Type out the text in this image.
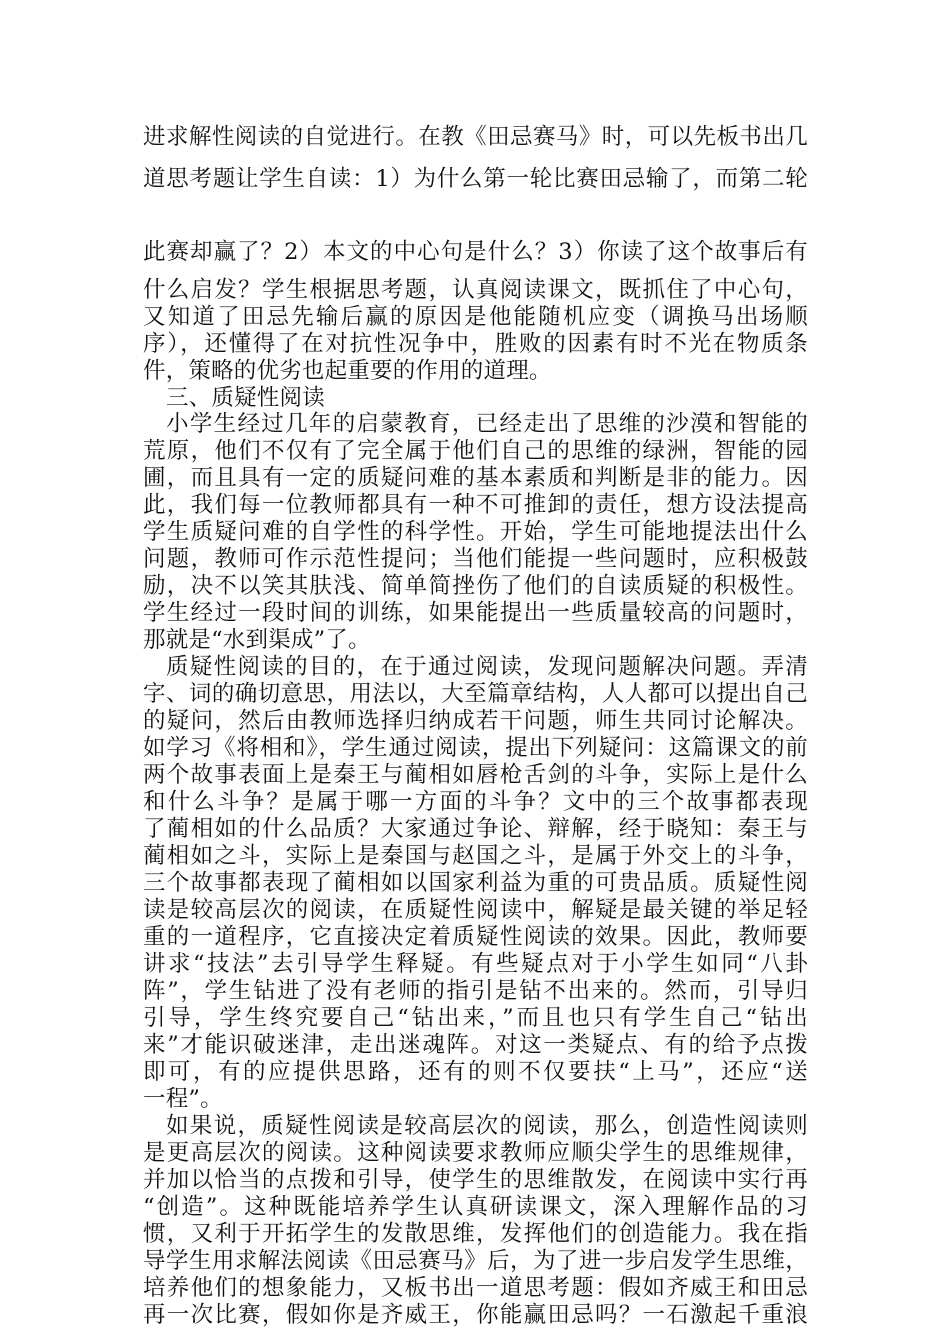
进求解性阅读的自觉进行。在教《田忌赛马》时，可以先板书出几
道思考题让学生自读：1）为什么第一轮比赛田忌输了，而第二轮
此赛却赢了？2）本文的中心句是什么？3）你读了这个故事后有
什么启发？学生根据思考题，认真阅读课文，既抓住了中心句，
又知道了田忌先输后赢的原因是他能随机应变（调换马出场顺
序），还懂得了在对抗性况争中，胜败的因素有时不光在物质条
件，策略的优劣也起重要的作用的道理。
三、质疑性阅读
小学生经过几年的启蒙教育，已经走出了思维的沙漠和智能的
荒原，他们不仅有了完全属于他们自己的思维的绿洲，智能的园
圃，而且具有一定的质疑问难的基本素质和判断是非的能力。因
此，我们每一位教师都具有一种不可推卸的责任，想方设法提高
学生质疑问难的自学性的科学性。开始，学生可能地提法出什么
问题，教师可作示范性提问；当他们能提一些问题时，应积极鼓
励，决不以笑其肤浅、简单简挫伤了他们的自读质疑的积极性。
学生经过一段时间的训练，如果能提出一些质量较高的问题时，
那就是“水到渠成”了。
质疑性阅读的目的，在于通过阅读，发现问题解决问题。弄清
字、词的确切意思，用法以，大至篇章结构，人人都可以提出自己
的疑问，然后由教师选择归纳成若干问题，师生共同讨论解决。
如学习《将相和》，学生通过阅读，提出下列疑问：这篇课文的前
两个故事表面上是秦王与蔺相如唇枪舌剑的斗争，实际上是什么
和什么斗争？是属于哪一方面的斗争？文中的三个故事都表现
了蔺相如的什么品质？大家通过争论、辩解，经于晓知：秦王与
蔺相如之斗，实际上是秦国与赵国之斗，是属于外交上的斗争，
三个故事都表现了蔺相如以国家利益为重的可贵品质。质疑性阅
读是较高层次的阅读，在质疑性阅读中，解疑是最关键的举足轻
重的一道程序，它直接决定着质疑性阅读的效果。因此，教师要
讲求“技法”去引导学生释疑。有些疑点对于小学生如同“八卦
阵”，学生钻进了没有老师的指引是钻不出来的。然而，引导归
引导，学生终究要自己“钻出来，”而且也只有学生自己“钻出
来”才能识破迷津，走出迷魂阵。对这一类疑点、有的给予点拨
即可，有的应提供思路，还有的则不仅要扶“上马”，还应“送
一程”。
如果说，质疑性阅读是较高层次的阅读，那么，创造性阅读则
是更高层次的阅读。这种阅读要求教师应顺尖学生的思维规律，
并加以恰当的点拨和引导，使学生的思维散发，在阅读中实行再
“创造”。这种既能培养学生认真研读课文，深入理解作品的习
惯，又利于开拓学生的发散思维，发挥他们的创造能力。我在指
导学生用求解法阅读《田忌赛马》后，为了进一步启发学生思维，
培养他们的想象能力，又板书出一道思考题：假如齐威王和田忌
再一次比赛，假如你是齐威王，你能赢田忌吗？一石激起千重浪
